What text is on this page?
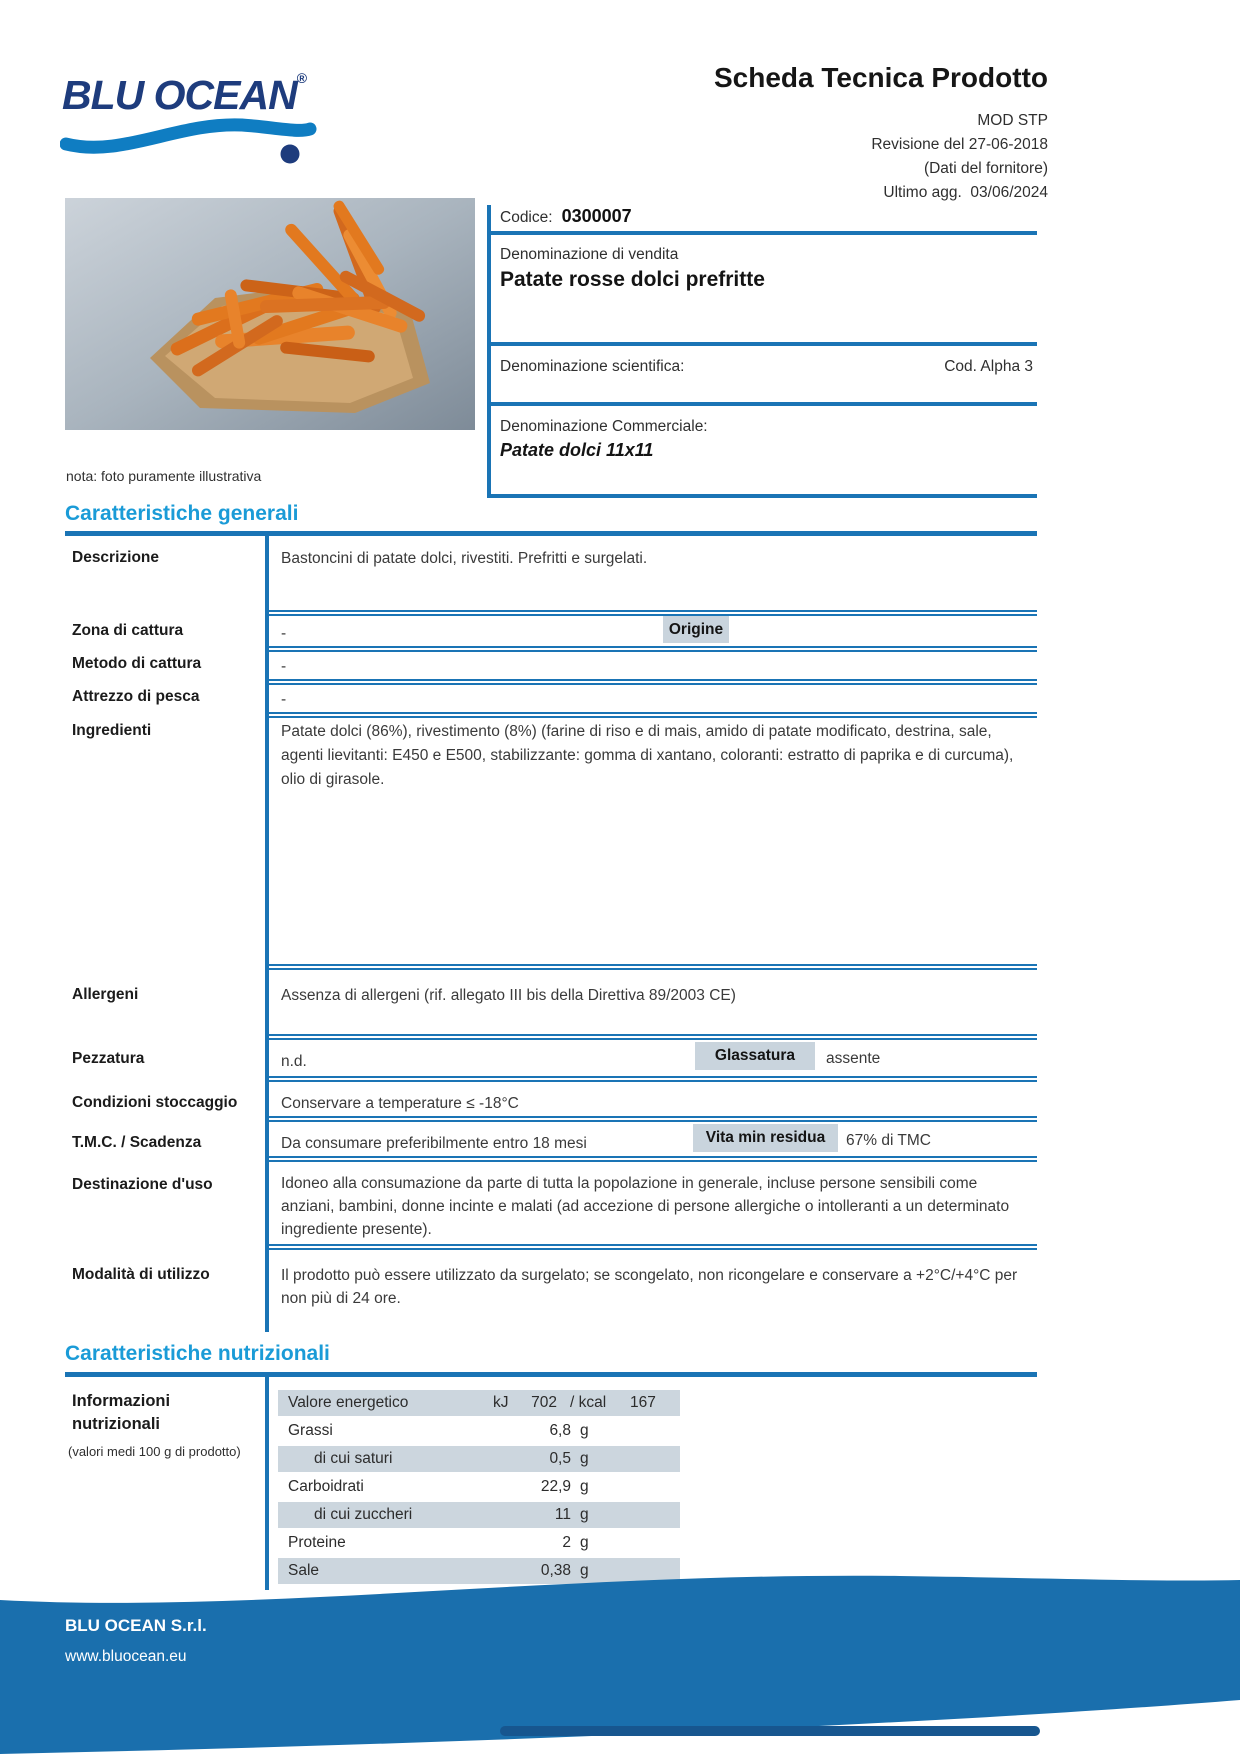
BLU OCEAN®	Scheda Tecnica Prodotto
MOD STP
Revisione del 27-06-2018
(Dati del fornitore)
Ultimo agg.  03/06/2024
nota: foto puramente illustrativa
Codice: 0300007
Denominazione di vendita
Patate rosse dolci prefritte
Denominazione scientifica:	Cod. Alpha 3
Denominazione Commerciale:
Patate dolci 11x11
Caratteristiche generali
Descrizione	Bastoncini di patate dolci, rivestiti. Prefritti e surgelati.
Zona di cattura	-	Origine
Metodo di cattura	-
Attrezzo di pesca	-
Ingredienti	Patate dolci (86%), rivestimento (8%) (farine di riso e di mais, amido di patate modificato, destrina, sale, agenti lievitanti: E450 e E500, stabilizzante: gomma di xantano, coloranti: estratto di paprika e di curcuma), olio di girasole.
Allergeni	Assenza di allergeni (rif. allegato III bis della Direttiva 89/2003 CE)
Pezzatura	n.d.	Glassatura	assente
Condizioni stoccaggio	Conservare a temperature ≤ -18°C
T.M.C. / Scadenza	Da consumare preferibilmente entro 18 mesi	Vita min residua	67% di TMC
Destinazione d'uso	Idoneo alla consumazione da parte di tutta la popolazione in generale, incluse persone sensibili come anziani, bambini, donne incinte e malati (ad accezione di persone allergiche o intolleranti a un determinato ingrediente presente).
Modalità di utilizzo	Il prodotto può essere utilizzato da surgelato; se scongelato, non ricongelare e conservare a +2°C/+4°C per non più di 24 ore.
Caratteristiche nutrizionali
Informazioni
nutrizionali
(valori medi 100 g di prodotto)
Valore energetico	kJ	702 / kcal 167
Grassi	6,8 g
di cui saturi	0,5 g
Carboidrati	22,9 g
di cui zuccheri	11 g
Proteine	2 g
Sale	0,38 g
BLU OCEAN S.r.l.
www.bluocean.eu
